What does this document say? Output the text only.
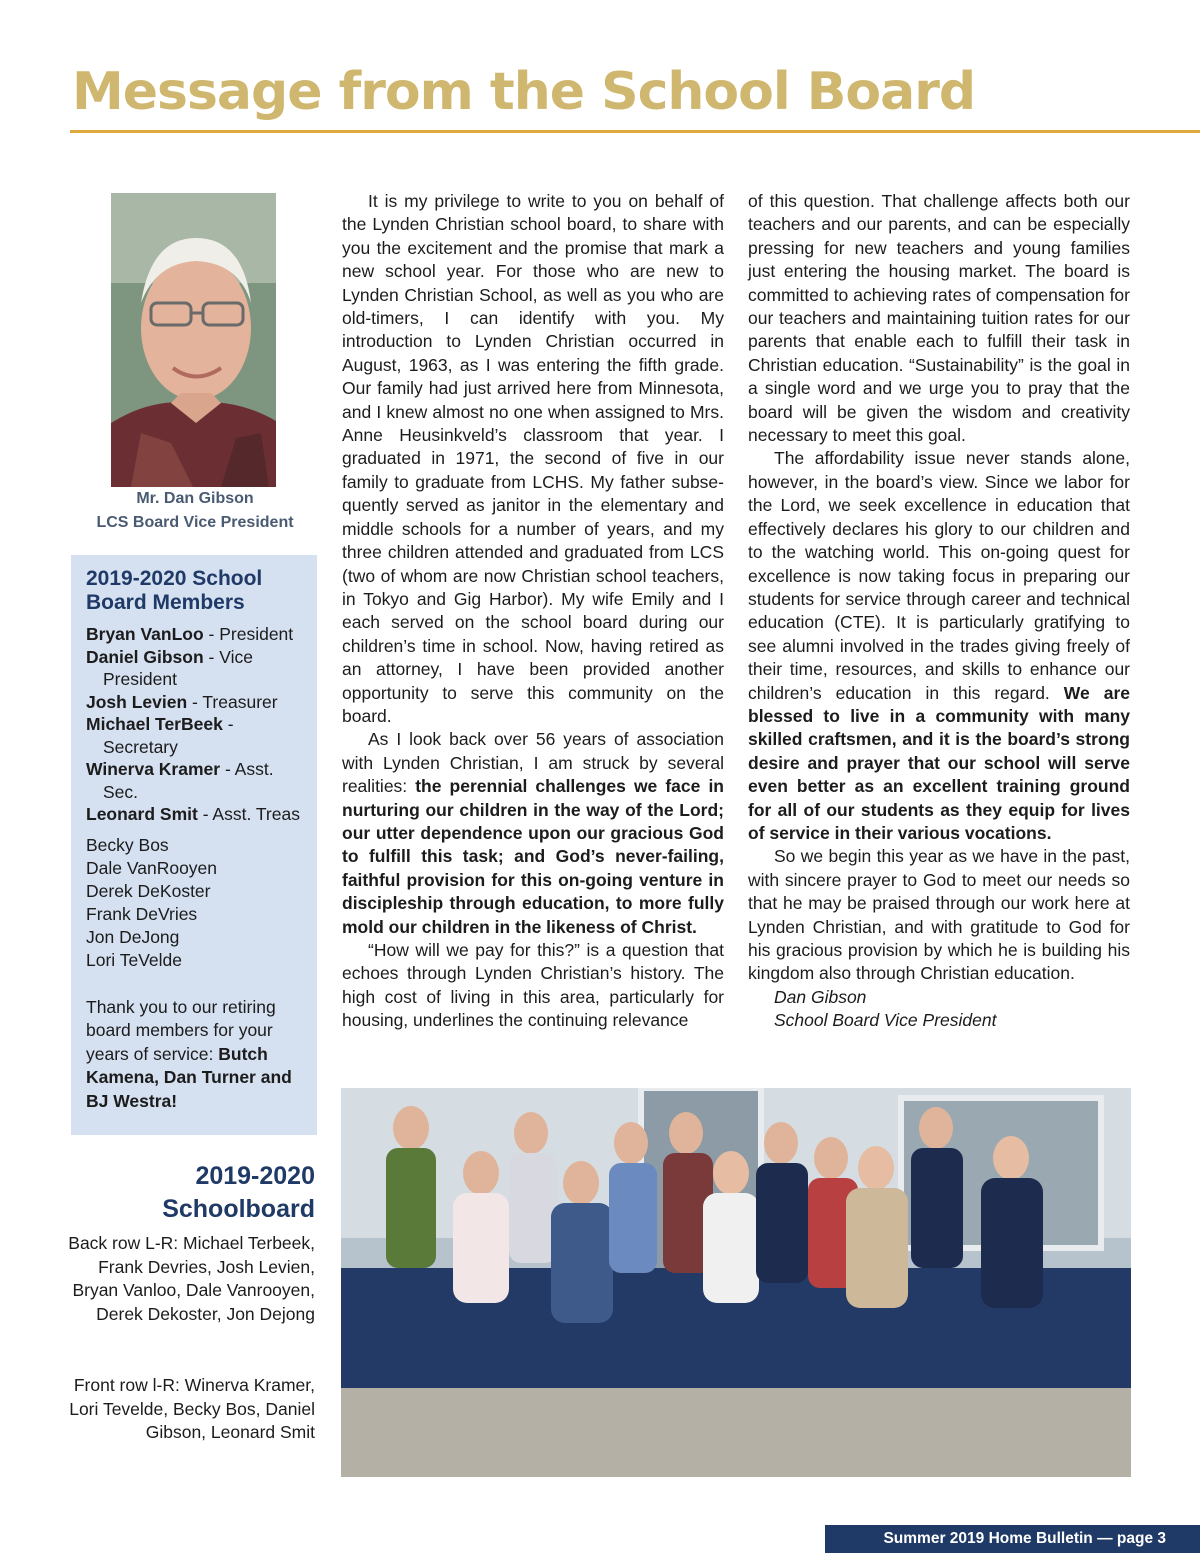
Message from the School Board
Mr. Dan Gibson
LCS Board Vice President
2019-2020 School Board Members
Bryan VanLoo - President
Daniel Gibson - Vice President
Josh Levien - Treasurer
Michael TerBeek - Secretary
Winerva Kramer - Asst. Sec.
Leonard Smit - Asst. Treas
Becky Bos
Dale VanRooyen
Derek DeKoster
Frank DeVries
Jon DeJong
Lori TeVelde
Thank you to our retiring board members for your years of service: Butch Kamena, Dan Turner and BJ Westra!
2019-2020
Schoolboard
Back row L-R: Michael Terbeek, Frank Devries, Josh Levien, Bryan Vanloo, Dale Vanrooyen, Derek Dekoster, Jon Dejong
Front row l-R: Winerva Kramer, Lori Tevelde, Becky Bos, Daniel Gibson, Leonard Smit

It is my privilege to write to you on behalf of the Lynden Christian school board, to share with you the excitement and the promise that mark a new school year. For those who are new to Lynden Christian School, as well as you who are old-timers, I can identify with you. My introduction to Lynden Christian occurred in August, 1963, as I was entering the fifth grade. Our family had just arrived here from Minnesota, and I knew almost no one when assigned to Mrs. Anne Heusinkveld’s classroom that year. I graduated in 1971, the second of five in our family to graduate from LCHS. My father subsequently served as janitor in the elementary and middle schools for a number of years, and my three children attended and graduated from LCS (two of whom are now Christian school teachers, in Tokyo and Gig Harbor). My wife Emily and I each served on the school board during our children’s time in school. Now, having retired as an attorney, I have been provided another opportunity to serve this community on the board.

As I look back over 56 years of association with Lynden Christian, I am struck by several realities: the perennial challenges we face in nurturing our children in the way of the Lord; our utter dependence upon our gracious God to fulfill this task; and God’s never-failing, faithful provision for this on-going venture in discipleship through education, to more fully mold our children in the likeness of Christ.

“How will we pay for this?” is a question that echoes through Lynden Christian’s history. The high cost of living in this area, particularly for housing, underlines the continuing relevance

of this question. That challenge affects both our teachers and our parents, and can be especially pressing for new teachers and young families just entering the housing market. The board is committed to achieving rates of compensation for our teachers and maintaining tuition rates for our parents that enable each to fulfill their task in Christian education. “Sustainability” is the goal in a single word and we urge you to pray that the board will be given the wisdom and creativity necessary to meet this goal.

The affordability issue never stands alone, however, in the board’s view. Since we labor for the Lord, we seek excellence in education that effectively declares his glory to our children and to the watching world. This on-going quest for excellence is now taking focus in preparing our students for service through career and technical education (CTE). It is particularly gratifying to see alumni involved in the trades giving freely of their time, resources, and skills to enhance our children’s education in this regard. We are blessed to live in a community with many skilled craftsmen, and it is the board’s strong desire and prayer that our school will serve even better as an excellent training ground for all of our students as they equip for lives of service in their various vocations.

So we begin this year as we have in the past, with sincere prayer to God to meet our needs so that he may be praised through our work here at Lynden Christian, and with gratitude to God for his gracious provision by which he is building his kingdom also through Christian education.

Dan Gibson

School Board Vice President

Summer 2019 Home Bulletin — page 3
